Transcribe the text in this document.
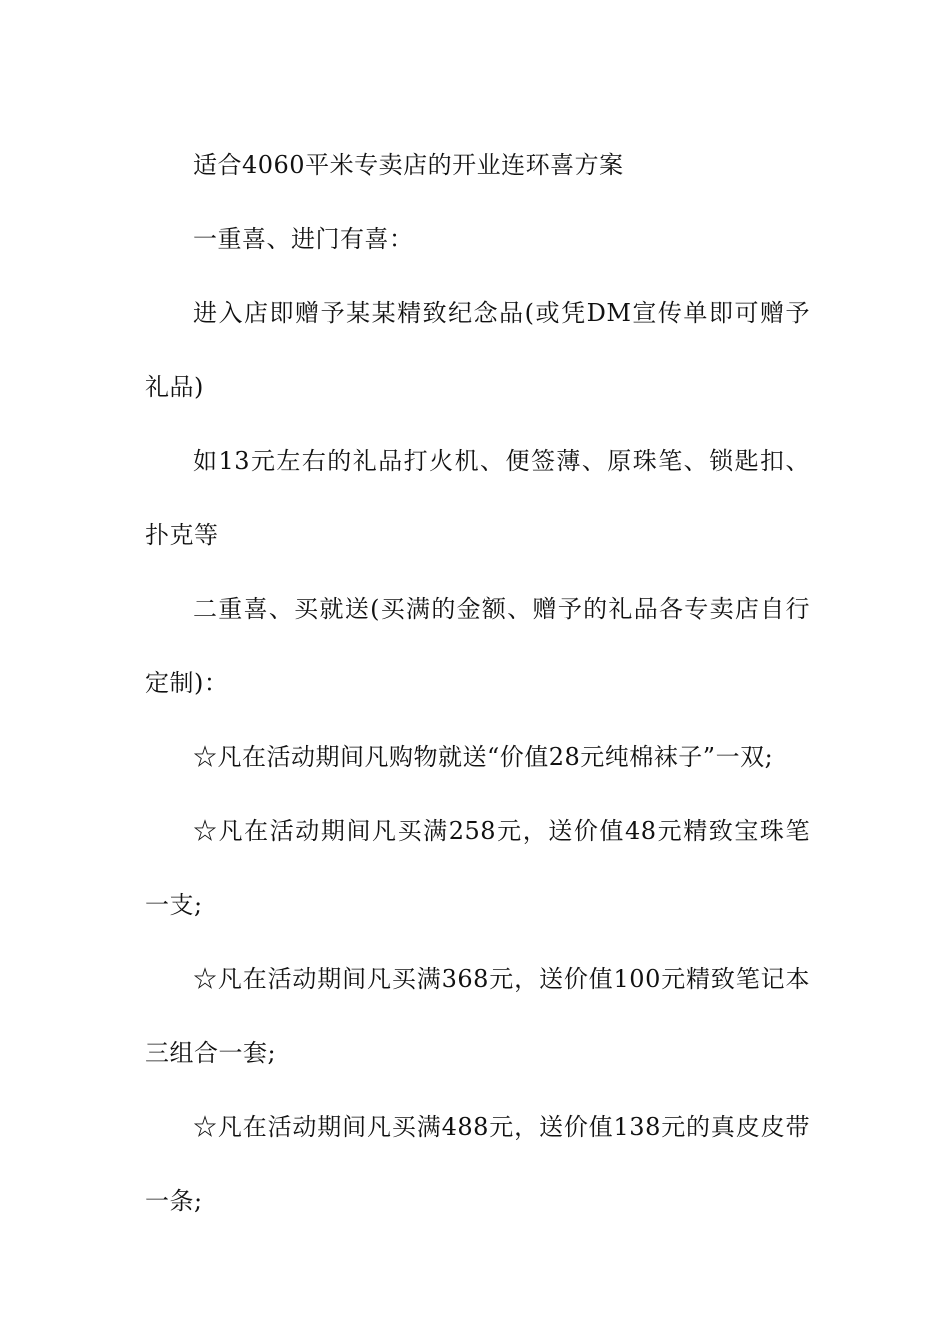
适合4060平米专卖店的开业连环喜方案

一重喜、进门有喜：

进入店即赠予某某精致纪念品(或凭DM宣传单即可赠予礼品)

如13元左右的礼品打火机、便签薄、原珠笔、锁匙扣、扑克等

二重喜、买就送(买满的金额、赠予的礼品各专卖店自行定制)：

☆凡在活动期间凡购物就送“价值28元纯棉袜子”一双;

☆凡在活动期间凡买满258元，送价值48元精致宝珠笔一支;

☆凡在活动期间凡买满368元，送价值100元精致笔记本三组合一套;

☆凡在活动期间凡买满488元，送价值138元的真皮皮带一条;
